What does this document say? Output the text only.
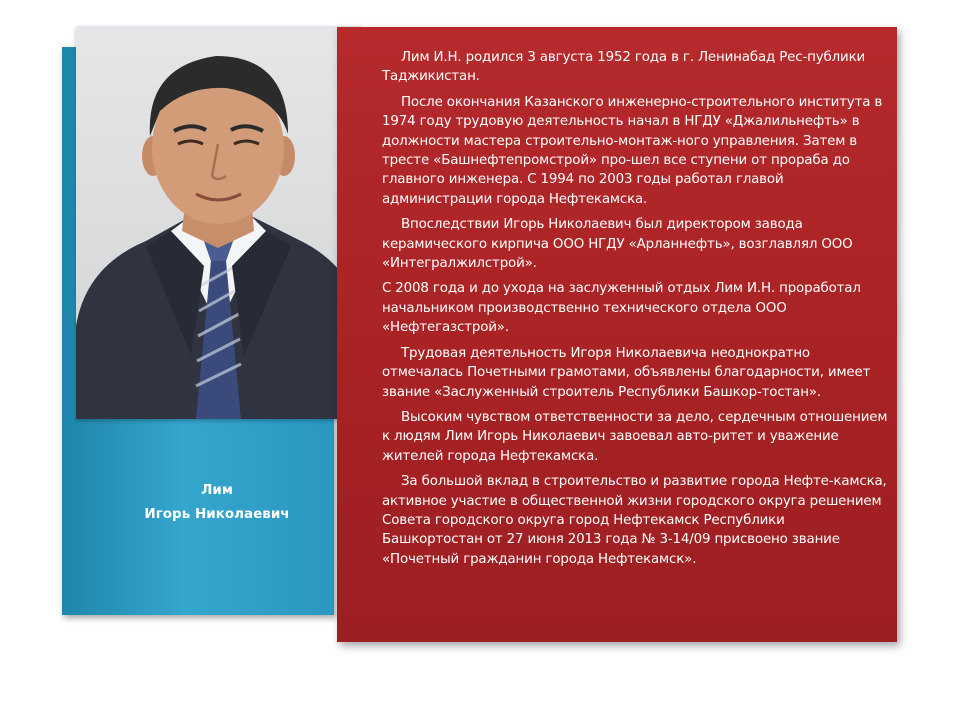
Лим
Игорь Николаевич

Лим И.Н. родился 3 августа 1952 года в г. Ленинабад Рес-публики Таджикистан.

После окончания Казанского инженерно-строительного института в 1974 году трудовую деятельность начал в НГДУ «Джалильнефть» в должности мастера строительно-монтаж-ного управления. Затем в тресте «Башнефтепромстрой» про-шел все ступени от прораба до главного инженера. С 1994 по 2003 годы работал главой администрации города Нефтекамска.

Впоследствии Игорь Николаевич был директором завода керамического кирпича ООО НГДУ «Арланнефть», возглавлял ООО «Интегралжилстрой».

С 2008 года и до ухода на заслуженный отдых Лим И.Н. проработал начальником производственно технического отдела ООО «Нефтегазстрой».

Трудовая деятельность Игоря Николаевича неоднократно отмечалась Почетными грамотами, объявлены благодарности, имеет звание «Заслуженный строитель Республики Башкор-тостан».

Высоким чувством ответственности за дело, сердечным отношением к людям Лим Игорь Николаевич завоевал авто-ритет и уважение жителей города Нефтекамска.

За большой вклад в строительство и развитие города Нефте-камска, активное участие в общественной жизни городского округа решением Совета городского округа город Нефтекамск Республики Башкортостан от 27 июня 2013 года № 3-14/09 присвоено звание «Почетный гражданин города Нефтекамск».
